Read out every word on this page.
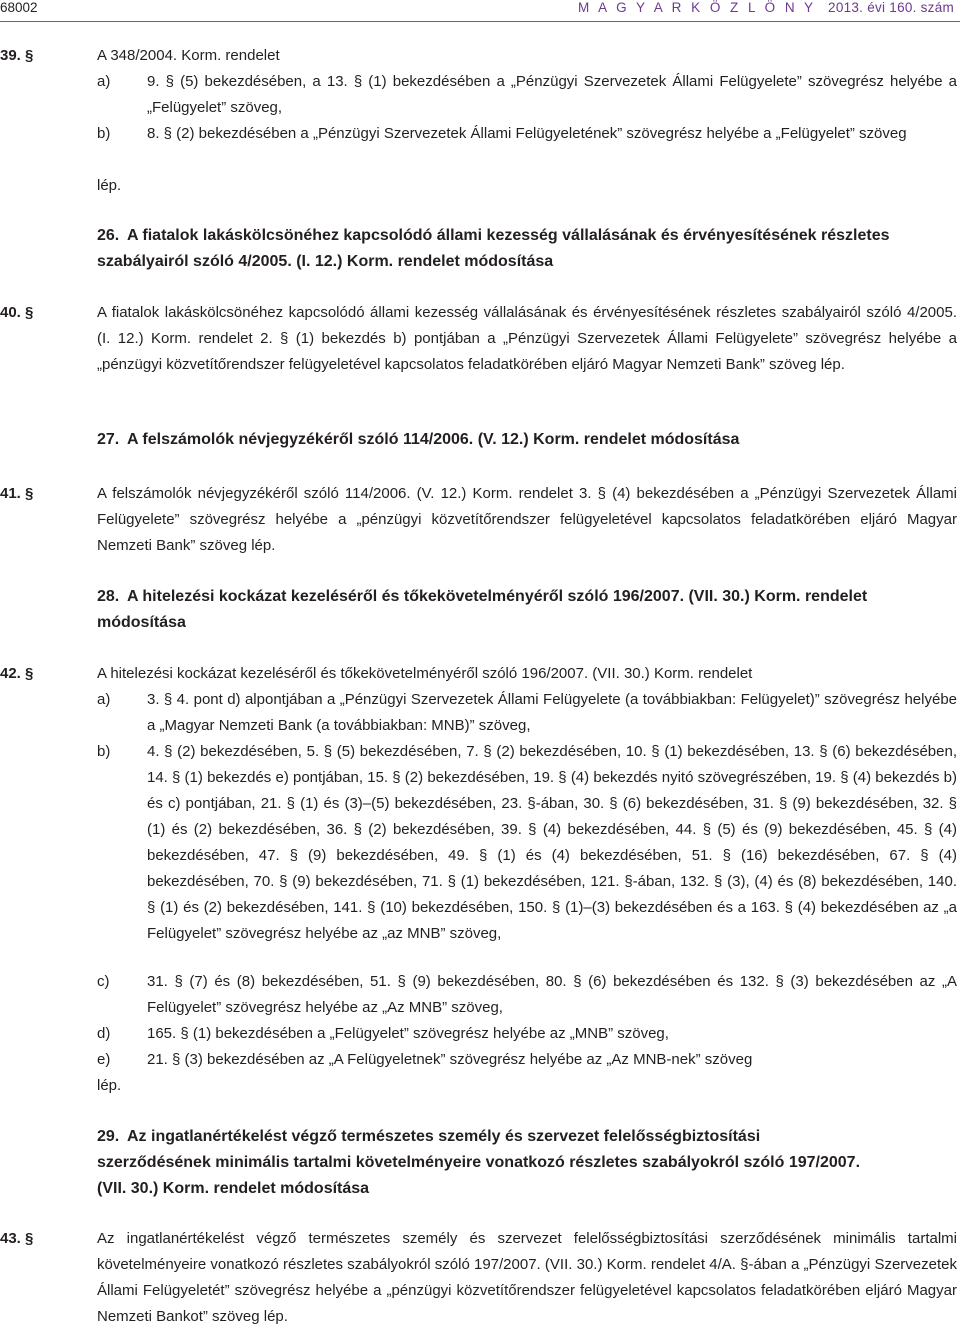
68002	M A G Y A R K Ö Z L Ö N Y 2013. évi 160. szám
39. §	A 348/2004. Korm. rendelet
a) 9. § (5) bekezdésében, a 13. § (1) bekezdésében a „Pénzügyi Szervezetek Állami Felügyelete” szövegrész helyébe a „Felügyelet” szöveg,
b) 8. § (2) bekezdésében a „Pénzügyi Szervezetek Állami Felügyeletének” szövegrész helyébe a „Felügyelet” szöveg
lép.
26. A fiatalok lakáskölcsönéhez kapcsolódó állami kezesség vállalásának és érvényesítésének részletes szabályairól szóló 4/2005. (I. 12.) Korm. rendelet módosítása
40. §	A fiatalok lakáskölcsönéhez kapcsolódó állami kezesség vállalásának és érvényesítésének részletes szabályairól szóló 4/2005. (I. 12.) Korm. rendelet 2. § (1) bekezdés b) pontjában a „Pénzügyi Szervezetek Állami Felügyelete” szövegrész helyébe a „pénzügyi közvetítőrendszer felügyeletével kapcsolatos feladatkörében eljáró Magyar Nemzeti Bank” szöveg lép.
27. A felszámolók névjegyzékéről szóló 114/2006. (V. 12.) Korm. rendelet módosítása
41. §	A felszámolók névjegyzékéről szóló 114/2006. (V. 12.) Korm. rendelet 3. § (4) bekezdésében a „Pénzügyi Szervezetek Állami Felügyelete” szövegrész helyébe a „pénzügyi közvetítőrendszer felügyeletével kapcsolatos feladatkörében eljáró Magyar Nemzeti Bank” szöveg lép.
28. A hitelezési kockázat kezeléséről és tőkekövetelményéről szóló 196/2007. (VII. 30.) Korm. rendelet módosítása
42. §	A hitelezési kockázat kezeléséről és tőkekövetelményéről szóló 196/2007. (VII. 30.) Korm. rendelet
a) 3. § 4. pont d) alpontjában a „Pénzügyi Szervezetek Állami Felügyelete (a továbbiakban: Felügyelet)” szövegrész helyébe a „Magyar Nemzeti Bank (a továbbiakban: MNB)” szöveg,
b) 4. § (2) bekezdésében, 5. § (5) bekezdésében, 7. § (2) bekezdésében, 10. § (1) bekezdésében, 13. § (6) bekezdésében, 14. § (1) bekezdés e) pontjában, 15. § (2) bekezdésében, 19. § (4) bekezdés nyitó szövegrészében, 19. § (4) bekezdés b) és c) pontjában, 21. § (1) és (3)–(5) bekezdésében, 23. §-ában, 30. § (6) bekezdésében, 31. § (9) bekezdésében, 32. § (1) és (2) bekezdésében, 36. § (2) bekezdésében, 39. § (4) bekezdésében, 44. § (5) és (9) bekezdésében, 45. § (4) bekezdésében, 47. § (9) bekezdésében, 49. § (1) és (4) bekezdésében, 51. § (16) bekezdésében, 67. § (4) bekezdésében, 70. § (9) bekezdésében, 71. § (1) bekezdésében, 121. §-ában, 132. § (3), (4) és (8) bekezdésében, 140. § (1) és (2) bekezdésében, 141. § (10) bekezdésében, 150. § (1)–(3) bekezdésében és a 163. § (4) bekezdésében az „a Felügyelet” szövegrész helyébe az „az MNB” szöveg,
c)	31. § (7) és (8) bekezdésében, 51. § (9) bekezdésében, 80. § (6) bekezdésében és 132. § (3) bekezdésében az „A Felügyelet” szövegrész helyébe az „Az MNB” szöveg,
d) 165. § (1) bekezdésében a „Felügyelet” szövegrész helyébe az „MNB” szöveg,
e) 21. § (3) bekezdésében az „A Felügyeletnek” szövegrész helyébe az „Az MNB-nek” szöveg
lép.
29. Az ingatlanértékelést végző természetes személy és szervezet felelősségbiztosítási szerződésének minimális tartalmi követelményeire vonatkozó részletes szabályokról szóló 197/2007. (VII. 30.) Korm. rendelet módosítása
43. §	Az ingatlanértékelést végző természetes személy és szervezet felelősségbiztosítási szerződésének minimális tartalmi követelményeire vonatkozó részletes szabályokról szóló 197/2007. (VII. 30.) Korm. rendelet 4/A. §-ában a „Pénzügyi Szervezetek Állami Felügyeletét” szövegrész helyébe a „pénzügyi közvetítőrendszer felügyeletével kapcsolatos feladatkörében eljáró Magyar Nemzeti Bankot” szöveg lép.
